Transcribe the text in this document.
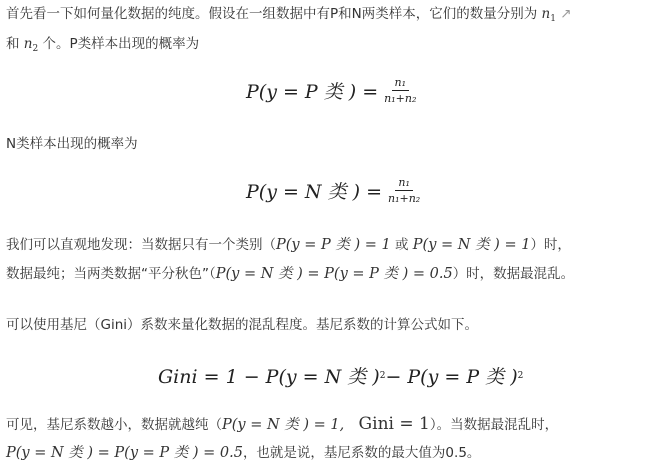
首先看一下如何量化数据的纯度。假设在一组数据中有P和N两类样本，它们的数量分别为 $n_1$ ↗
和 $n_2$ 个。P类样本出现的概率为
P(y = P 类 ) = $\frac{\text{n₁}}{\text{n₁+n₂}}$
N类样本出现的概率为
P(y = N 类 ) = $\frac{\text{n₁}}{\text{n₁+n₂}}$
我们可以直观地发现：当数据只有一个类别（P(y = P 类 ) = 1 或 P(y = N 类 ) = 1）时，
数据最纯；当两类数据“平分秋色”（P(y = N 类 ) = P(y = P 类 ) = 0.5）时，数据最混乱。
可以使用基尼（Gini）系数来量化数据的混乱程度。基尼系数的计算公式如下。
Gini = 1 − P(y = N 类 ) 2 − P(y = P 类 ) 2
可见，基尼系数越小，数据就越纯（P(y = N 类 ) = 1, Gini = 1）。当数据最混乱时，
P(y = N 类 ) = P(y = P 类 ) = 0.5，也就是说，基尼系数的最大值为0.5。
